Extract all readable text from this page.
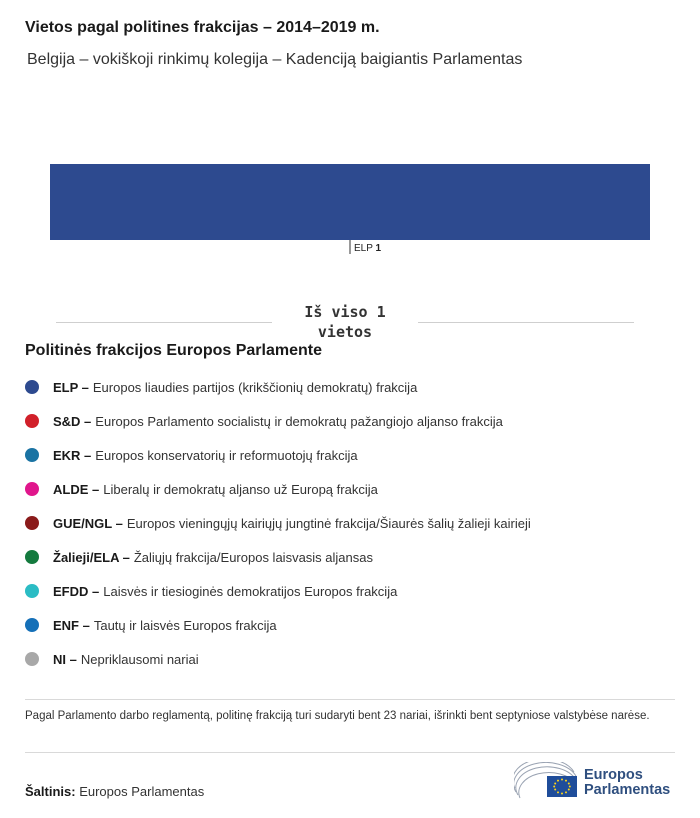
Vietos pagal politines frakcijas – 2014–2019 m.
Belgija – vokiškoji rinkimų kolegija – Kadenciją baigiantis Parlamentas
ELP 1
Iš viso 1
vietos
Politinės frakcijos Europos Parlamente
ELP – Europos liaudies partijos (krikščionių demokratų) frakcija
S&D – Europos Parlamento socialistų ir demokratų pažangiojo aljanso frakcija
EKR – Europos konservatorių ir reformuotojų frakcija
ALDE – Liberalų ir demokratų aljanso už Europą frakcija
GUE/NGL – Europos vieningųjų kairiųjų jungtinė frakcija/Šiaurės šalių žalieji kairieji
Žalieji/ELA – Žaliųjų frakcija/Europos laisvasis aljansas
EFDD – Laisvės ir tiesioginės demokratijos Europos frakcija
ENF – Tautų ir laisvės Europos frakcija
NI – Nepriklausomi nariai
Pagal Parlamento darbo reglamentą, politinę frakciją turi sudaryti bent 23 nariai, išrinkti bent septyniose valstybėse narėse.
Šaltinis: Europos Parlamentas
Europos
Parlamentas
